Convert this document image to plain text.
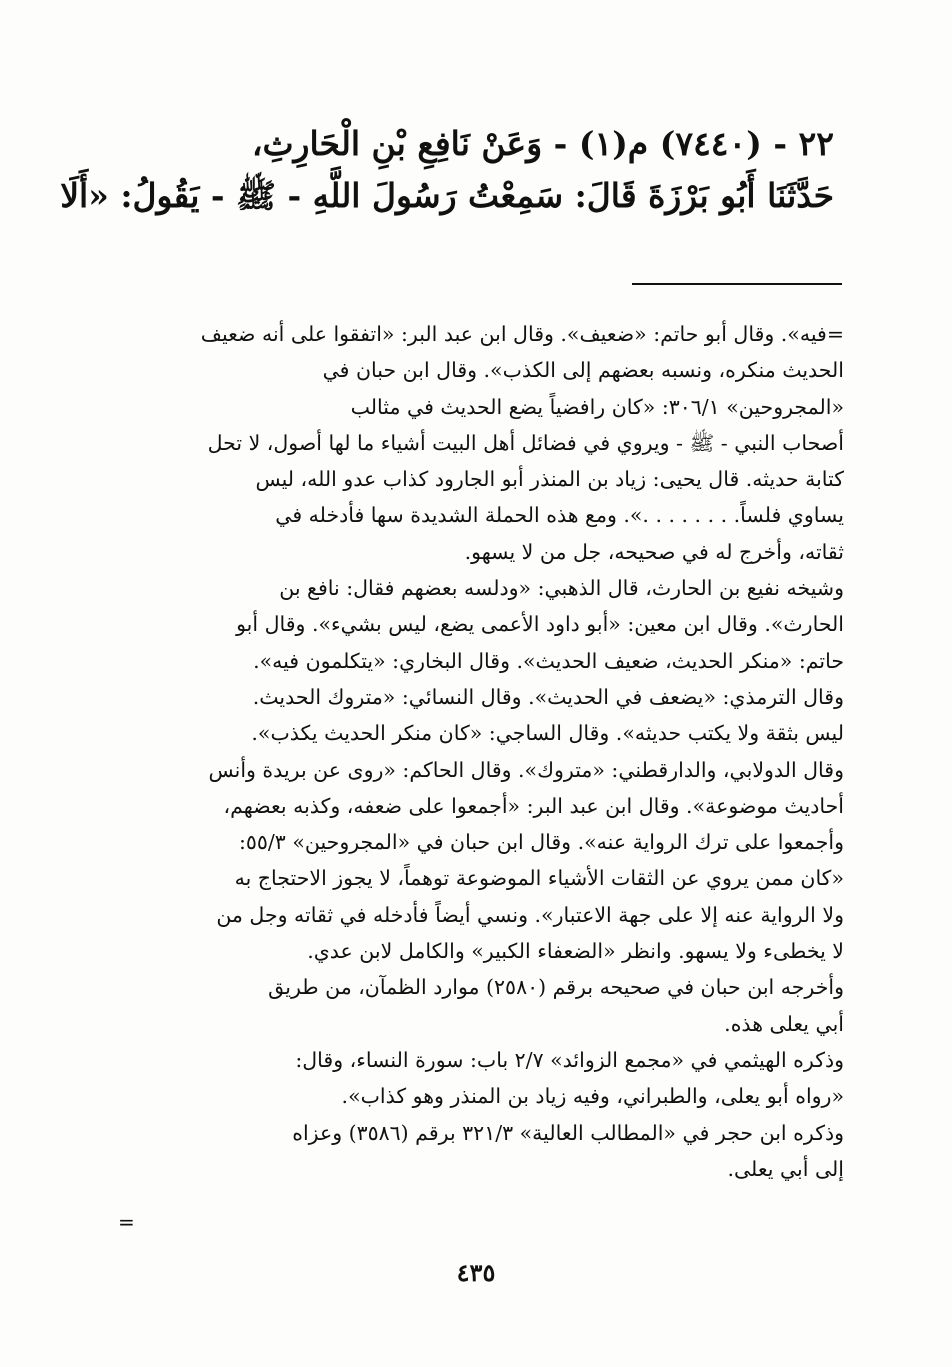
٢٢ - (٧٤٤٠) م(١) - وَعَنْ نَافِعِ بْنِ الْحَارِثِ،
حَدَّثَنَا أَبُو بَرْزَةَ قَالَ: سَمِعْتُ رَسُولَ اللَّهِ - ﷺ - يَقُولُ: «أَلَا
=فيه». وقال أبو حاتم: «ضعيف». وقال ابن عبد البر: «اتفقوا على أنه ضعيف
الحديث منكره، ونسبه بعضهم إلى الكذب». وقال ابن حبان في
«المجروحين» ٣٠٦/١: «كان رافضياً يضع الحديث في مثالب
أصحاب النبي - ﷺ - ويروي في فضائل أهل البيت أشياء ما لها أصول، لا تحل
كتابة حديثه. قال يحيى: زياد بن المنذر أبو الجارود كذاب عدو الله، ليس
يساوي فلساً. . . . . . . .». ومع هذه الحملة الشديدة سها فأدخله في
ثقاته، وأخرج له في صحيحه، جل من لا يسهو.
وشيخه نفيع بن الحارث، قال الذهبي: «ودلسه بعضهم فقال: نافع بن
الحارث». وقال ابن معين: «أبو داود الأعمى يضع، ليس بشيء». وقال أبو
حاتم: «منكر الحديث، ضعيف الحديث». وقال البخاري: «يتكلمون فيه».
وقال الترمذي: «يضعف في الحديث». وقال النسائي: «متروك الحديث.
ليس بثقة ولا يكتب حديثه». وقال الساجي: «كان منكر الحديث يكذب».
وقال الدولابي، والدارقطني: «متروك». وقال الحاكم: «روى عن بريدة وأنس
أحاديث موضوعة». وقال ابن عبد البر: «أجمعوا على ضعفه، وكذبه بعضهم،
وأجمعوا على ترك الرواية عنه». وقال ابن حبان في «المجروحين» ٥٥/٣:
«كان ممن يروي عن الثقات الأشياء الموضوعة توهماً، لا يجوز الاحتجاج به
ولا الرواية عنه إلا على جهة الاعتبار». ونسي أيضاً فأدخله في ثقاته وجل من
لا يخطىء ولا يسهو. وانظر «الضعفاء الكبير» والكامل لابن عدي.
وأخرجه ابن حبان في صحيحه برقم (٢٥٨٠) موارد الظمآن، من طريق
أبي يعلى هذه.
وذكره الهيثمي في «مجمع الزوائد» ٢/٧ باب: سورة النساء، وقال:
«رواه أبو يعلى، والطبراني، وفيه زياد بن المنذر وهو كذاب».
وذكره ابن حجر في «المطالب العالية» ٣٢١/٣ برقم (٣٥٨٦) وعزاه
إلى أبي يعلى.
=
٤٣٥
